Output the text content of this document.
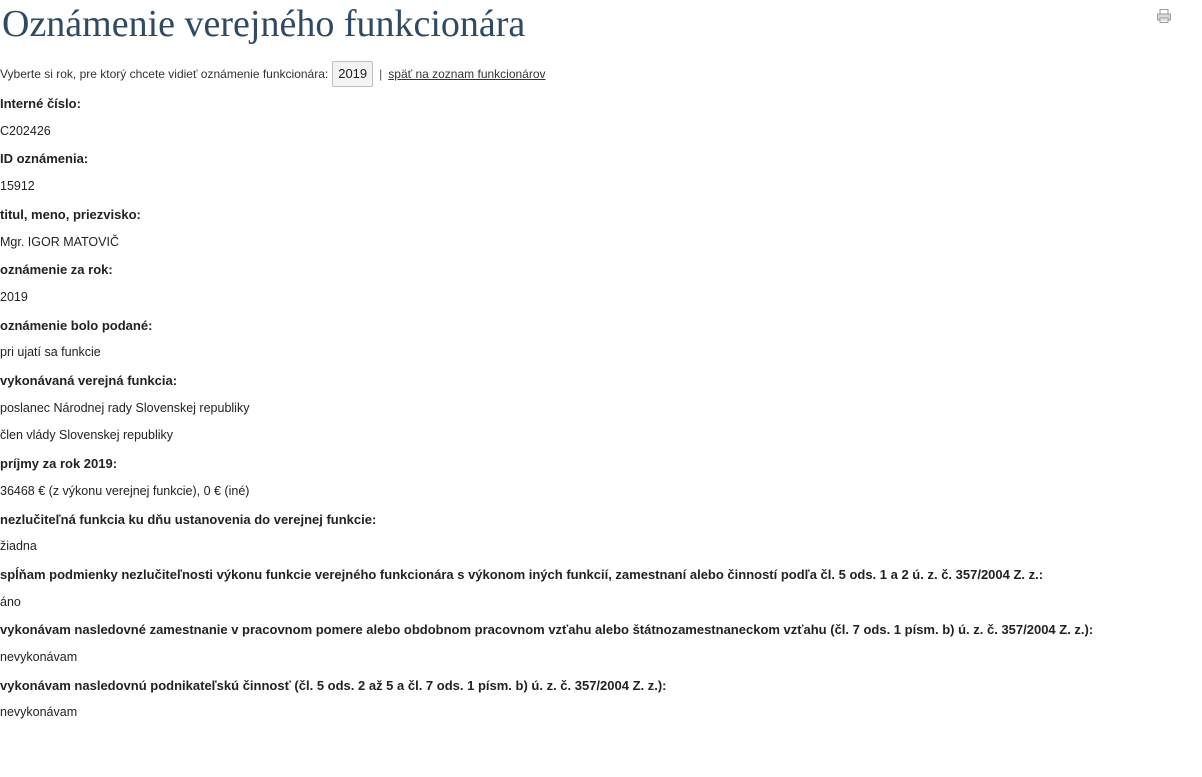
Oznámenie verejného funkcionára
Vyberte si rok, pre ktorý chcete vidieť oznámenie funkcionára: 2019	| späť na zoznam funkcionárov
Interné číslo:
C202426
ID oznámenia:
15912
titul, meno, priezvisko:
Mgr. IGOR MATOVIČ
oznámenie za rok:
2019
oznámenie bolo podané:
pri ujatí sa funkcie
vykonávaná verejná funkcia:
poslanec Národnej rady Slovenskej republiky
člen vlády Slovenskej republiky
príjmy za rok 2019:
36468 € (z výkonu verejnej funkcie), 0 € (iné)
nezlučiteľná funkcia ku dňu ustanovenia do verejnej funkcie:
žiadna
spĺňam podmienky nezlučiteľnosti výkonu funkcie verejného funkcionára s výkonom iných funkcií, zamestnaní alebo činností podľa čl. 5 ods. 1 a 2 ú. z. č. 357/2004 Z. z.:
áno
vykonávam nasledovné zamestnanie v pracovnom pomere alebo obdobnom pracovnom vzťahu alebo štátnozamestnaneckom vzťahu (čl. 7 ods. 1 písm. b) ú. z. č. 357/2004 Z. z.):
nevykonávam
vykonávam nasledovnú podnikateľskú činnosť (čl. 5 ods. 2 až 5 a čl. 7 ods. 1 písm. b) ú. z. č. 357/2004 Z. z.):
nevykonávam
